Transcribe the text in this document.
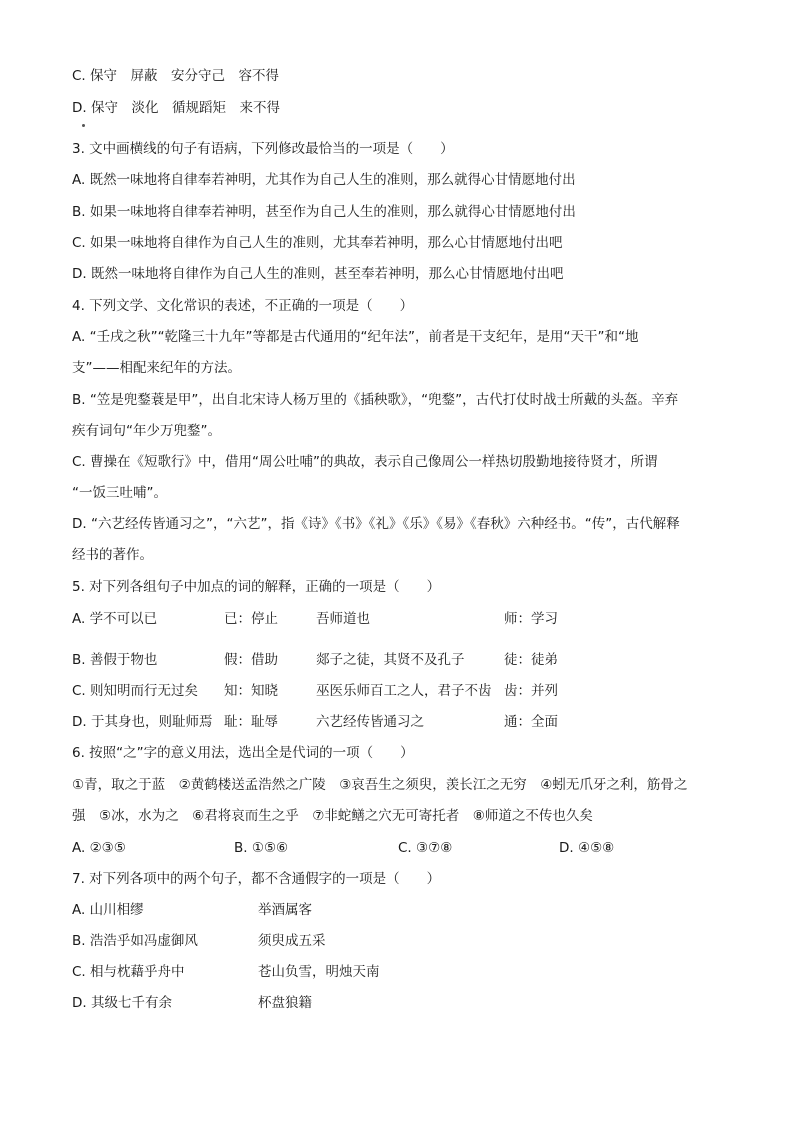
C. 保守　屏蔽　安分守己　容不得
D. 保守　淡化　循规蹈矩　来不得
3. 文中画横线的句子有语病，下列修改最恰当的一项是（　　）
A. 既然一味地将自律奉若神明，尤其作为自己人生的准则，那么就得心甘情愿地付出
B. 如果一味地将自律奉若神明，甚至作为自己人生的准则，那么就得心甘情愿地付出
C. 如果一味地将自律作为自己人生的准则，尤其奉若神明，那么心甘情愿地付出吧
D. 既然一味地将自律作为自己人生的准则，甚至奉若神明，那么心甘情愿地付出吧
4. 下列文学、文化常识的表述，不正确的一项是（　　）
A. “壬戌之秋”“乾隆三十九年”等都是古代通用的“纪年法”，前者是干支纪年，是用“天干”和“地
支”——相配来纪年的方法。
B. “笠是兜鍪蓑是甲”，出自北宋诗人杨万里的《插秧歌》，“兜鍪”，古代打仗时战士所戴的头盔。辛弃
疾有词句“年少万兜鍪”。
C. 曹操在《短歌行》中，借用“周公吐哺”的典故，表示自己像周公一样热切殷勤地接待贤才，所谓
“一饭三吐哺”。
D. “六艺经传皆通习之”，“六艺”，指《诗》《书》《礼》《乐》《易》《春秋》六种经书。“传”，古代解释
经书的著作。
5. 对下列各组句子中加点的词的解释，正确的一项是（　　）
A. 学不可以已	已：停止	吾师道也	师：学习
B. 善假于物也	假：借助	郯子之徒，其贤不及孔子	徒：徒弟
C. 则知明而行无过矣 知：知晓	巫医乐师百工之人，君子不齿 齿：并列
D. 于其身也，则耻师焉 耻：耻辱	六艺经传皆通习之	通：全面
6. 按照“之”字的意义用法，选出全是代词的一项（　　）
①青，取之于蓝　②黄鹤楼送孟浩然之广陵　③哀吾生之须臾，羡长江之无穷　④蚓无爪牙之利，筋骨之
强　⑤冰，水为之　⑥君将哀而生之乎　⑦非蛇鳝之穴无可寄托者　⑧师道之不传也久矣
A. ②③⑤	B. ①⑤⑥	C. ③⑦⑧	D. ④⑤⑧
7. 对下列各项中的两个句子，都不含通假字的一项是（　　）
A. 山川相缪	举酒属客
B. 浩浩乎如冯虚御风	须臾成五采
C. 相与枕藉乎舟中	苍山负雪，明烛天南
D. 其级七千有余	杯盘狼籍
